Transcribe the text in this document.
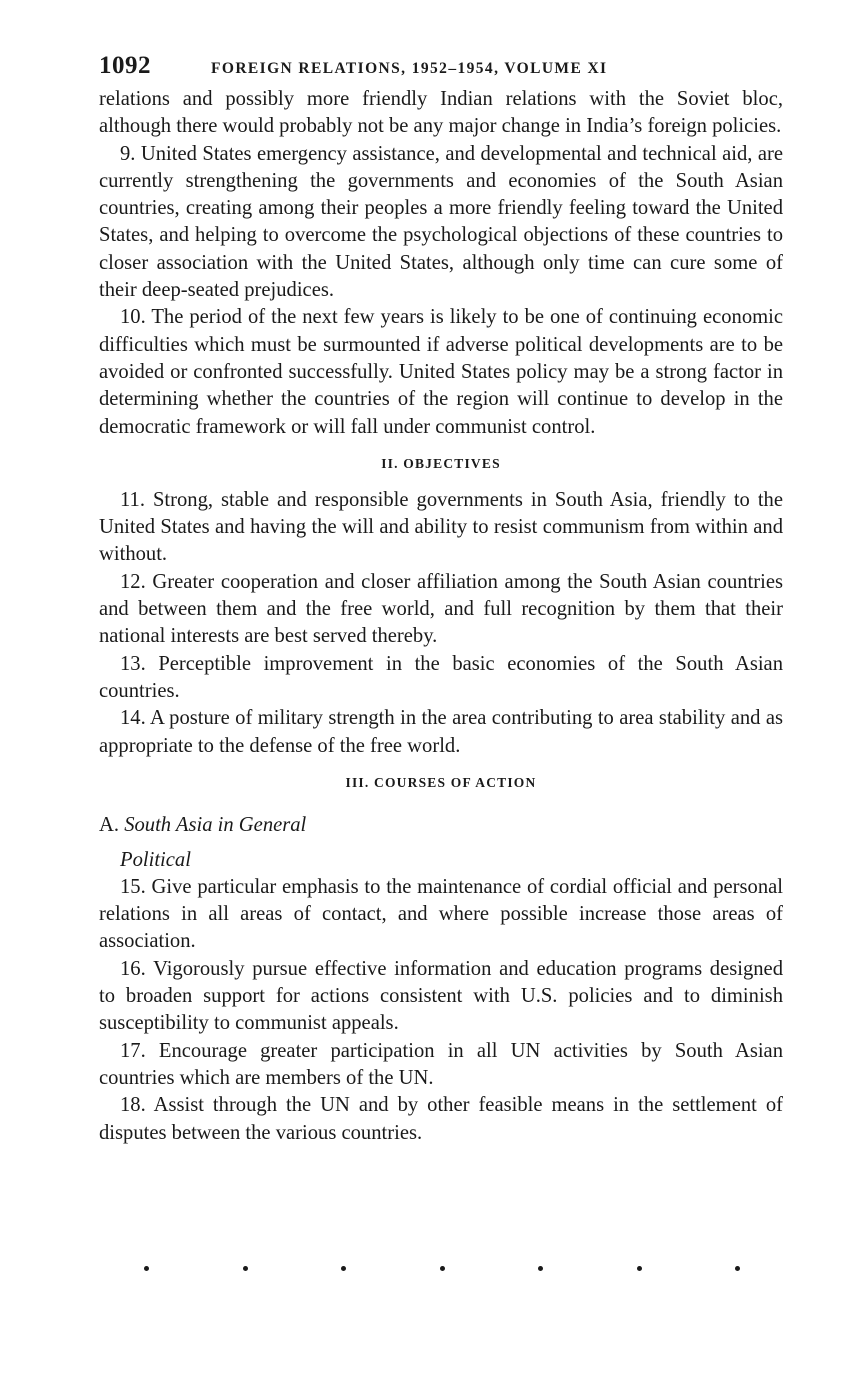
1092	FOREIGN RELATIONS, 1952–1954, VOLUME XI

relations and possibly more friendly Indian relations with the Soviet bloc, although there would probably not be any major change in India’s foreign policies.

9. United States emergency assistance, and developmental and technical aid, are currently strengthening the governments and economies of the South Asian countries, creating among their peoples a more friendly feeling toward the United States, and helping to overcome the psychological objections of these countries to closer association with the United States, although only time can cure some of their deep-seated prejudices.

10. The period of the next few years is likely to be one of continuing economic difficulties which must be surmounted if adverse political developments are to be avoided or confronted successfully. United States policy may be a strong factor in determining whether the countries of the region will continue to develop in the democratic framework or will fall under communist control.

II. OBJECTIVES

11. Strong, stable and responsible governments in South Asia, friendly to the United States and having the will and ability to resist communism from within and without.

12. Greater cooperation and closer affiliation among the South Asian countries and between them and the free world, and full recognition by them that their national interests are best served thereby.

13. Perceptible improvement in the basic economies of the South Asian countries.

14. A posture of military strength in the area contributing to area stability and as appropriate to the defense of the free world.

III. COURSES OF ACTION
A. South Asia in General
Political

15. Give particular emphasis to the maintenance of cordial official and personal relations in all areas of contact, and where possible increase those areas of association.

16. Vigorously pursue effective information and education programs designed to broaden support for actions consistent with U.S. policies and to diminish susceptibility to communist appeals.

17. Encourage greater participation in all UN activities by South Asian countries which are members of the UN.

18. Assist through the UN and by other feasible means in the settlement of disputes between the various countries.
